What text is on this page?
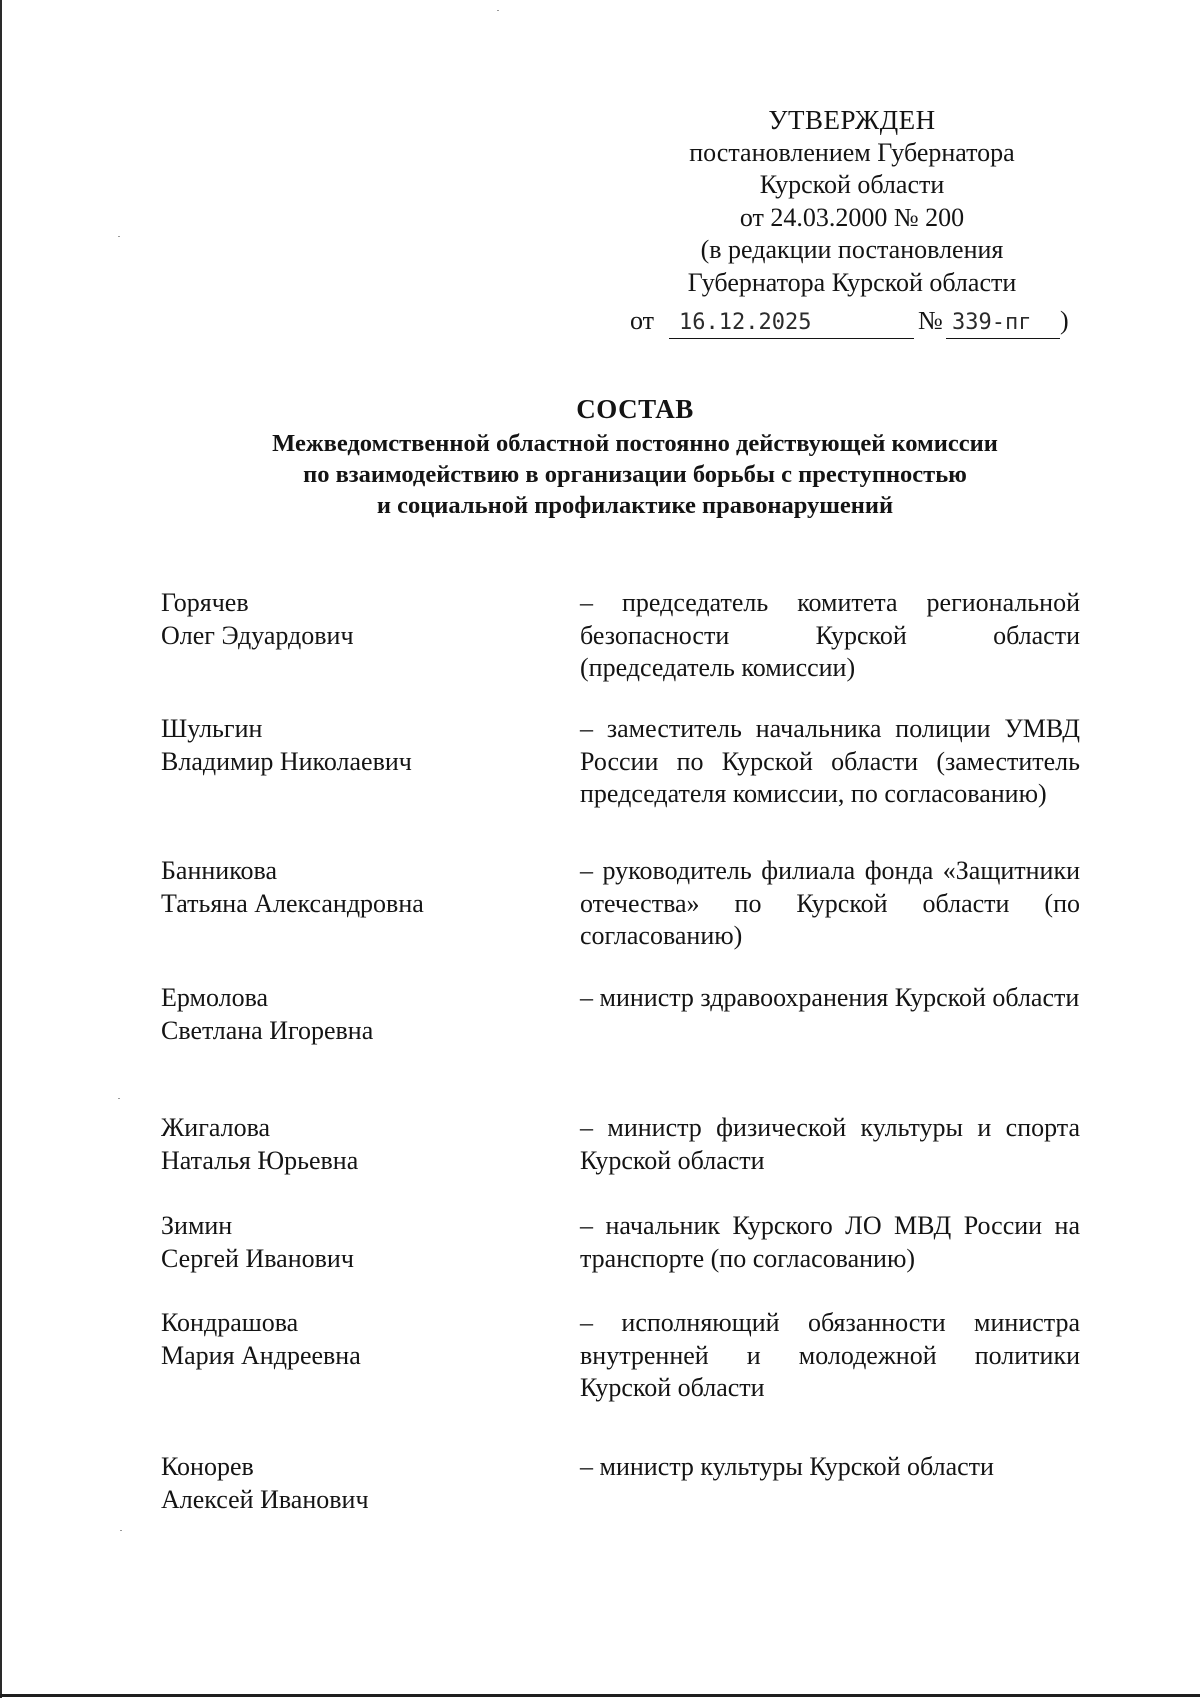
УТВЕРЖДЕН
постановлением Губернатора
Курской области
от 24.03.2000 № 200
(в редакции постановления
Губернатора Курской области
от	16.12.2025	№ 339-пг	)
СОСТАВ
Межведомственной областной постоянно действующей комиссии
по взаимодействию в организации борьбы с преступностью
и социальной профилактике правонарушений
Горячев
Олег Эдуардович
– председатель комитета региональной безопасности Курской области (председатель комиссии)
Шульгин
Владимир Николаевич
– заместитель начальника полиции УМВД России по Курской области (заместитель председателя комиссии, по согласованию)
Банникова
Татьяна Александровна
– руководитель филиала фонда «Защитники отечества» по Курской области (по согласованию)
Ермолова
Светлана Игоревна
– министр здравоохранения Курской области
Жигалова
Наталья Юрьевна
– министр физической культуры и спорта Курской области
Зимин
Сергей Иванович
– начальник Курского ЛО МВД России на транспорте (по согласованию)
Кондрашова
Мария Андреевна
– исполняющий обязанности министра внутренней и молодежной политики Курской области
Конорев
Алексей Иванович
– министр культуры Курской области
